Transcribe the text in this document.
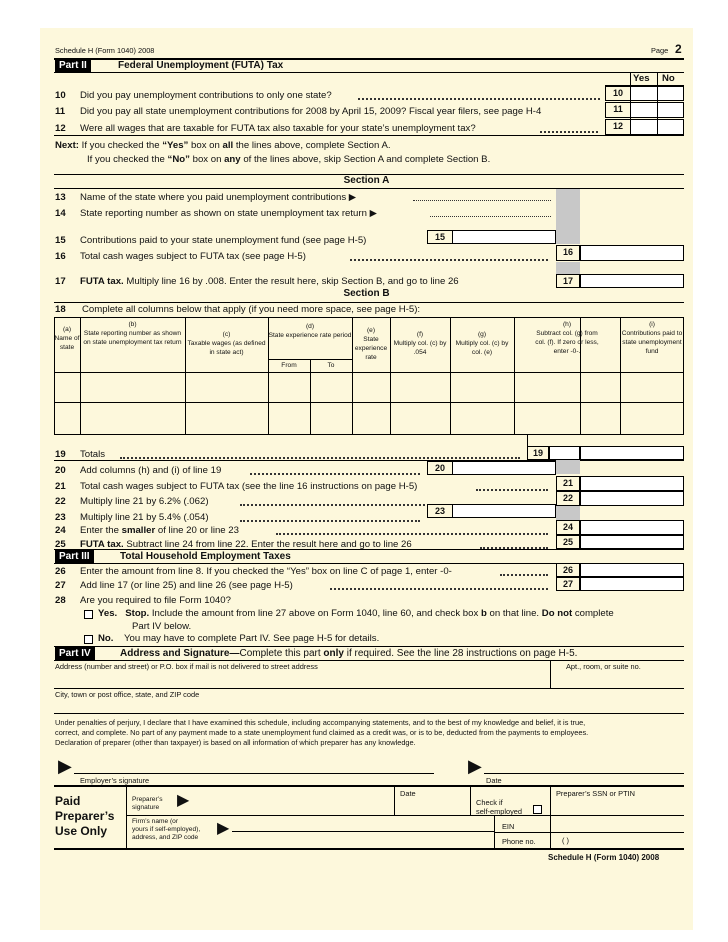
Schedule H (Form 1040) 2008	Page 2
Part II	Federal Unemployment (FUTA) Tax
Yes No
10 Did you pay unemployment contributions to only one state?	10
11 Did you pay all state unemployment contributions for 2008 by April 15, 2009? Fiscal year filers, see page H-4	11
12 Were all wages that are taxable for FUTA tax also taxable for your state’s unemployment tax?	12
Next: If you checked the “Yes” box on all the lines above, complete Section A.
If you checked the “No” box on any of the lines above, skip Section A and complete Section B.
Section A
13 Name of the state where you paid unemployment contributions ▶
14 State reporting number as shown on state unemployment tax return ▶
15 Contributions paid to your state unemployment fund (see page H-5)	15
16 Total cash wages subject to FUTA tax (see page H-5)	16
17 FUTA tax. Multiply line 16 by .008. Enter the result here, skip Section B, and go to line 26	17
Section B
18 Complete all columns below that apply (if you need more space, see page H-5):
(a)
Name of state
(b)
State reporting number as shown on state unemployment tax return
(c)
Taxable wages (as defined in state act)
(d)
State experience rate period
From	To
(e)
State experience rate
(f)
Multiply col. (c) by .054
(g)
Multiply col. (c) by col. (e)
(h)
Subtract col. (g) from col. (f). If zero or less, enter -0-.
(i)
Contributions paid to state unemployment fund
19 Totals	19
20 Add columns (h) and (i) of line 19	20
21 Total cash wages subject to FUTA tax (see the line 16 instructions on page H-5)	21
22 Multiply line 21 by 6.2% (.062)	22
23 Multiply line 21 by 5.4% (.054)
23
24 Enter the smaller of line 20 or line 23	24
25 FUTA tax. Subtract line 24 from line 22. Enter the result here and go to line 26	25
Part III	Total Household Employment Taxes
26 Enter the amount from line 8. If you checked the “Yes” box on line C of page 1, enter -0-	26
27 Add line 17 (or line 25) and line 26 (see page H-5)	27
28 Are you required to file Form 1040?
Yes. Stop. Include the amount from line 27 above on Form 1040, line 60, and check box b on that line. Do not complete
Part IV below.
No. You may have to complete Part IV. See page H-5 for details.
Part IV	Address and Signature—Complete this part only if required. See the line 28 instructions on page H-5.
Address (number and street) or P.O. box if mail is not delivered to street address	Apt., room, or suite no.
City, town or post office, state, and ZIP code
Under penalties of perjury, I declare that I have examined this schedule, including accompanying statements, and to the best of my knowledge and belief, it is true,
correct, and complete. No part of any payment made to a state unemployment fund claimed as a credit was, or is to be, deducted from the payments to employees.
Declaration of preparer (other than taxpayer) is based on all information of which preparer has any knowledge.
▶
Employer’s signature
▶
Date
Paid
Preparer’s
Use Only
Preparer’s
signature ▶	Date
Check if
self-employed
Preparer’s SSN or PTIN
Firm’s name (or
yours if self-employed),
address, and ZIP code
▶	EIN
Phone no.	( )
Schedule H (Form 1040) 2008
